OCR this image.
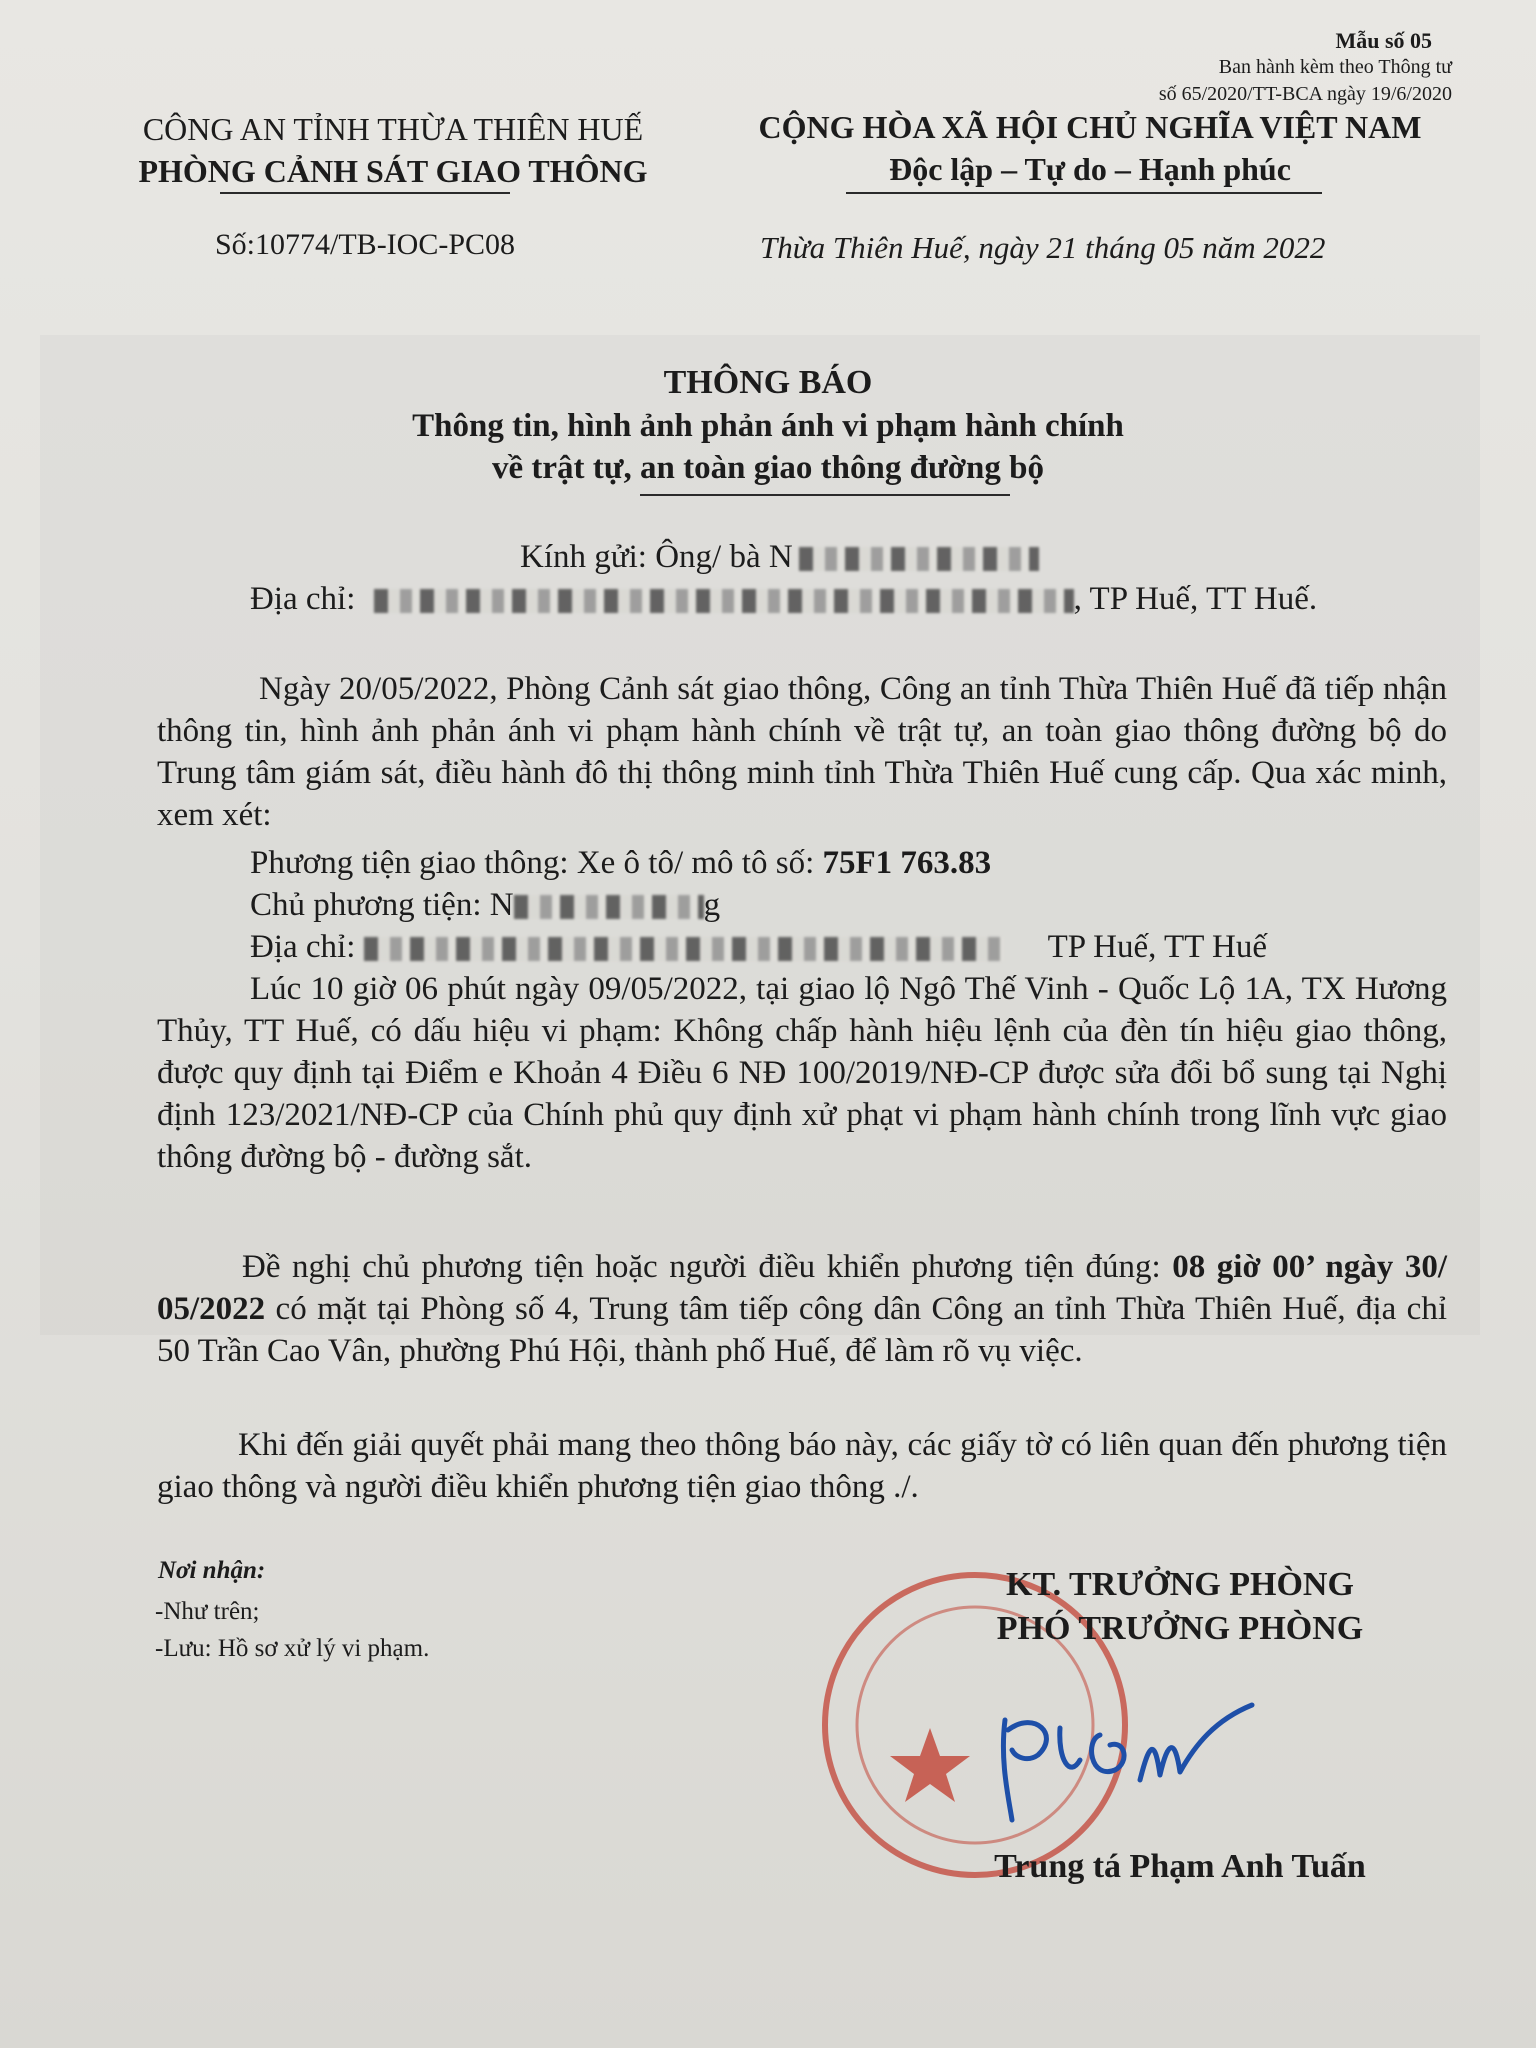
Mẫu số 05
Ban hành kèm theo Thông tư
số 65/2020/TT-BCA ngày 19/6/2020
CÔNG AN TỈNH THỪA THIÊN HUẾ
PHÒNG CẢNH SÁT GIAO THÔNG
CỘNG HÒA XÃ HỘI CHỦ NGHĨA VIỆT NAM
Độc lập – Tự do – Hạnh phúc
Số:10774/TB-IOC-PC08	Thừa Thiên Huế, ngày 21 tháng 05 năm 2022
THÔNG BÁO
Thông tin, hình ảnh phản ánh vi phạm hành chính
về trật tự, an toàn giao thông đường bộ
Kính gửi: Ông/ bà N
Địa chỉ:	, TP Huế, TT Huế.
Ngày 20/05/2022, Phòng Cảnh sát giao thông, Công an tỉnh Thừa Thiên Huế đã tiếp nhận thông tin, hình ảnh phản ánh vi phạm hành chính về trật tự, an toàn giao thông đường bộ do Trung tâm giám sát, điều hành đô thị thông minh tỉnh Thừa Thiên Huế cung cấp. Qua xác minh, xem xét:
Phương tiện giao thông: Xe ô tô/ mô tô số: 75F1 763.83
Chủ phương tiện: N	g
Địa chỉ:	TP Huế, TT Huế
Lúc 10 giờ 06 phút ngày 09/05/2022, tại giao lộ Ngô Thế Vinh - Quốc Lộ 1A, TX Hương Thủy, TT Huế, có dấu hiệu vi phạm: Không chấp hành hiệu lệnh của đèn tín hiệu giao thông, được quy định tại Điểm e Khoản 4 Điều 6 NĐ 100/2019/NĐ-CP được sửa đổi bổ sung tại Nghị định 123/2021/NĐ-CP của Chính phủ quy định xử phạt vi phạm hành chính trong lĩnh vực giao thông đường bộ - đường sắt.
Đề nghị chủ phương tiện hoặc người điều khiển phương tiện đúng: 08 giờ 00’ ngày 30/ 05/2022 có mặt tại Phòng số 4, Trung tâm tiếp công dân Công an tỉnh Thừa Thiên Huế, địa chỉ 50 Trần Cao Vân, phường Phú Hội, thành phố Huế, để làm rõ vụ việc.
Khi đến giải quyết phải mang theo thông báo này, các giấy tờ có liên quan đến phương tiện giao thông và người điều khiển phương tiện giao thông ./.
Nơi nhận:
-Như trên;
-Lưu: Hồ sơ xử lý vi phạm.
KT. TRƯỞNG PHÒNG
PHÓ TRƯỞNG PHÒNG
Trung tá Phạm Anh Tuấn
